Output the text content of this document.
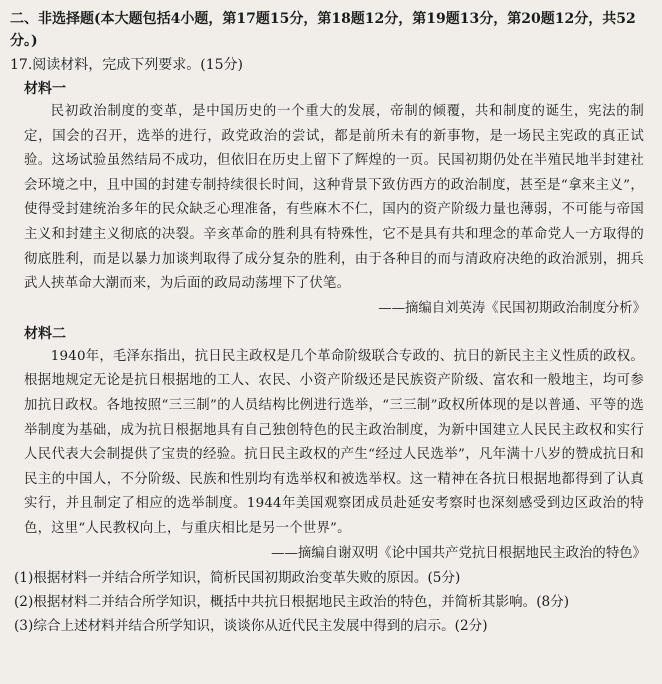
二、非选择题(本大题包括4小题，第17题15分，第18题12分，第19题13分，第20题12分，共52分。)

17.阅读材料，完成下列要求。(15分)

材料一

民初政治制度的变革，是中国历史的一个重大的发展，帝制的倾覆，共和制度的诞生，宪法的制定，国会的召开，选举的进行，政党政治的尝试，都是前所未有的新事物，是一场民主宪政的真正试验。这场试验虽然结局不成功，但依旧在历史上留下了辉煌的一页。民国初期仍处在半殖民地半封建社会环境之中，且中国的封建专制持续很长时间，这种背景下致仿西方的政治制度，甚至是“拿来主义”，使得受封建统治多年的民众缺乏心理准备，有些麻木不仁，国内的资产阶级力量也薄弱，不可能与帝国主义和封建主义彻底的决裂。辛亥革命的胜利具有特殊性，它不是具有共和理念的革命党人一方取得的彻底胜利，而是以暴力加谈判取得了成分复杂的胜利，由于各种目的而与清政府决绝的政治派别，拥兵武人挟革命大潮而来，为后面的政局动荡埋下了伏笔。

——摘编自刘英涛《民国初期政治制度分析》

材料二

1940年，毛泽东指出，抗日民主政权是几个革命阶级联合专政的、抗日的新民主主义性质的政权。根据地规定无论是抗日根据地的工人、农民、小资产阶级还是民族资产阶级、富农和一般地主，均可参加抗日政权。各地按照“三三制”的人员结构比例进行选举，“三三制”政权所体现的是以普通、平等的选举制度为基础，成为抗日根据地具有自己独创特色的民主政治制度，为新中国建立人民民主政权和实行人民代表大会制提供了宝贵的经验。抗日民主政权的产生“经过人民选举”，凡年满十八岁的赞成抗日和民主的中国人，不分阶级、民族和性别均有选举权和被选举权。这一精神在各抗日根据地都得到了认真实行，并且制定了相应的选举制度。1944年美国观察团成员赴延安考察时也深刻感受到边区政治的特色，这里“人民教权向上，与重庆相比是另一个世界”。

——摘编自谢双明《论中国共产党抗日根据地民主政治的特色》

(1)根据材料一并结合所学知识，简析民国初期政治变革失败的原因。(5分)

(2)根据材料二并结合所学知识，概括中共抗日根据地民主政治的特色，并简析其影响。(8分)

(3)综合上述材料并结合所学知识，谈谈你从近代民主发展中得到的启示。(2分)
